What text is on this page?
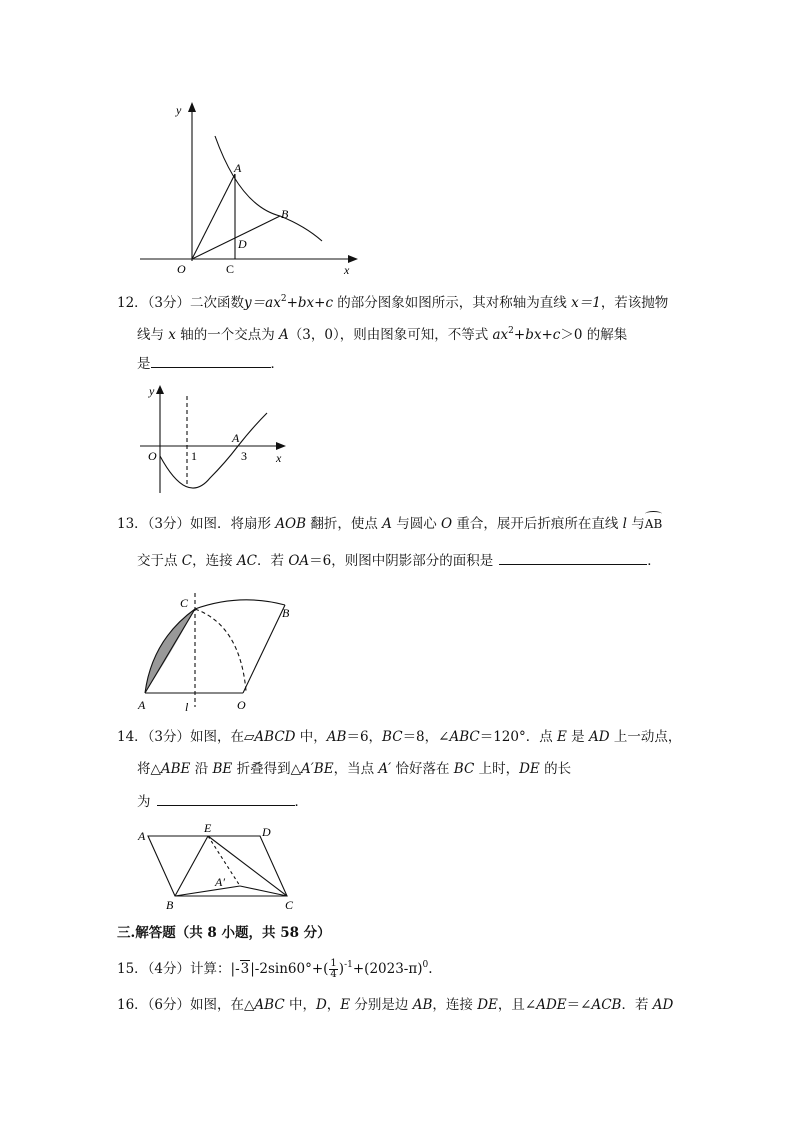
y
x
O	C
A
B
D
12．（3分）二次函数$y=ax^2+bx+c$ 的部分图象如图所示，其对称轴为直线 x＝1，若该抛物
线与 x 轴的一个交点为 A（3，0），则由图象可知，不等式 $ax^2+bx+c>0$ 的解集
是	．
y
x
O	1	3
A
13．（3分）如图．将扇形 AOB 翻折，使点 A 与圆心 O 重合，展开后折痕所在直线 l 与AB
交于点 C，连接 AC．若 OA＝6，则图中阴影部分的面积是	．
C
B
A	l	O
14．（3分）如图，在▱ABCD 中，AB＝6，BC＝8，∠ABC＝120°．点 E 是 AD 上一动点，
将△ABE 沿 BE 折叠得到△A′BE，当点 A′ 恰好落在 BC 上时，DE 的长
为	．
A
E	D
A′
B	C
三.解答题（共 8 小题，共 58 分）
15．（4分）计算：$|-3|-2\sin 60^\circ+( \frac{1}{4} )^{-1}+(2023-\pi)^0$.
16．（6分）如图，在△ABC 中，D，E 分别是边 AB，连接 DE，且∠ADE＝∠ACB．若 AD
